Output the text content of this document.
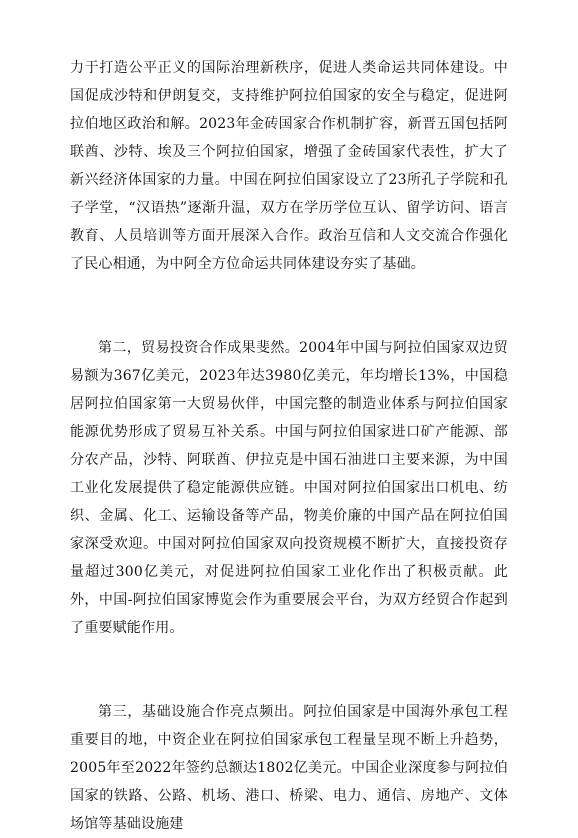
力于打造公平正义的国际治理新秩序，促进人类命运共同体建设。中国促成沙特和伊朗复交，支持维护阿拉伯国家的安全与稳定，促进阿拉伯地区政治和解。2023年金砖国家合作机制扩容，新晋五国包括阿联酋、沙特、埃及三个阿拉伯国家，增强了金砖国家代表性，扩大了新兴经济体国家的力量。中国在阿拉伯国家设立了23所孔子学院和孔子学堂，“汉语热”逐渐升温，双方在学历学位互认、留学访问、语言教育、人员培训等方面开展深入合作。政治互信和人文交流合作强化了民心相通，为中阿全方位命运共同体建设夯实了基础。

第二，贸易投资合作成果斐然。2004年中国与阿拉伯国家双边贸易额为367亿美元，2023年达3980亿美元，年均增长13%，中国稳居阿拉伯国家第一大贸易伙伴，中国完整的制造业体系与阿拉伯国家能源优势形成了贸易互补关系。中国与阿拉伯国家进口矿产能源、部分农产品，沙特、阿联酋、伊拉克是中国石油进口主要来源，为中国工业化发展提供了稳定能源供应链。中国对阿拉伯国家出口机电、纺织、金属、化工、运输设备等产品，物美价廉的中国产品在阿拉伯国家深受欢迎。中国对阿拉伯国家双向投资规模不断扩大，直接投资存量超过300亿美元，对促进阿拉伯国家工业化作出了积极贡献。此外，中国-阿拉伯国家博览会作为重要展会平台，为双方经贸合作起到了重要赋能作用。

第三，基础设施合作亮点频出。阿拉伯国家是中国海外承包工程重要目的地，中资企业在阿拉伯国家承包工程量呈现不断上升趋势，2005年至2022年签约总额达1802亿美元。中国企业深度参与阿拉伯国家的铁路、公路、机场、港口、桥梁、电力、通信、房地产、文体场馆等基础设施建
